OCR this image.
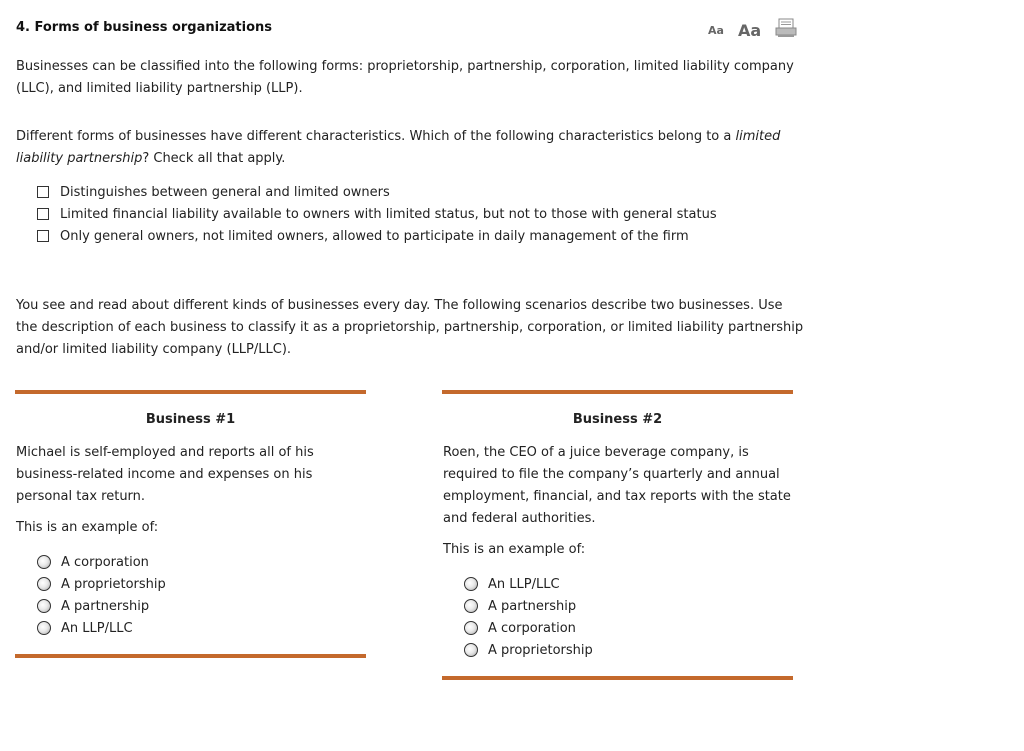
4. Forms of business organizations	Aa Aa
Businesses can be classified into the following forms: proprietorship, partnership, corporation, limited liability company (LLC), and limited liability partnership (LLP).
Different forms of businesses have different characteristics. Which of the following characteristics belong to a limited liability partnership? Check all that apply.
Distinguishes between general and limited owners
Limited financial liability available to owners with limited status, but not to those with general status
Only general owners, not limited owners, allowed to participate in daily management of the firm
You see and read about different kinds of businesses every day. The following scenarios describe two businesses. Use the description of each business to classify it as a proprietorship, partnership, corporation, or limited liability partnership and/or limited liability company (LLP/LLC).
Business #1
Michael is self-employed and reports all of his business-related income and expenses on his personal tax return.
This is an example of:
A corporation
A proprietorship
A partnership
An LLP/LLC
Business #2
Roen, the CEO of a juice beverage company, is required to file the company’s quarterly and annual employment, financial, and tax reports with the state and federal authorities.
This is an example of:
An LLP/LLC
A partnership
A corporation
A proprietorship
